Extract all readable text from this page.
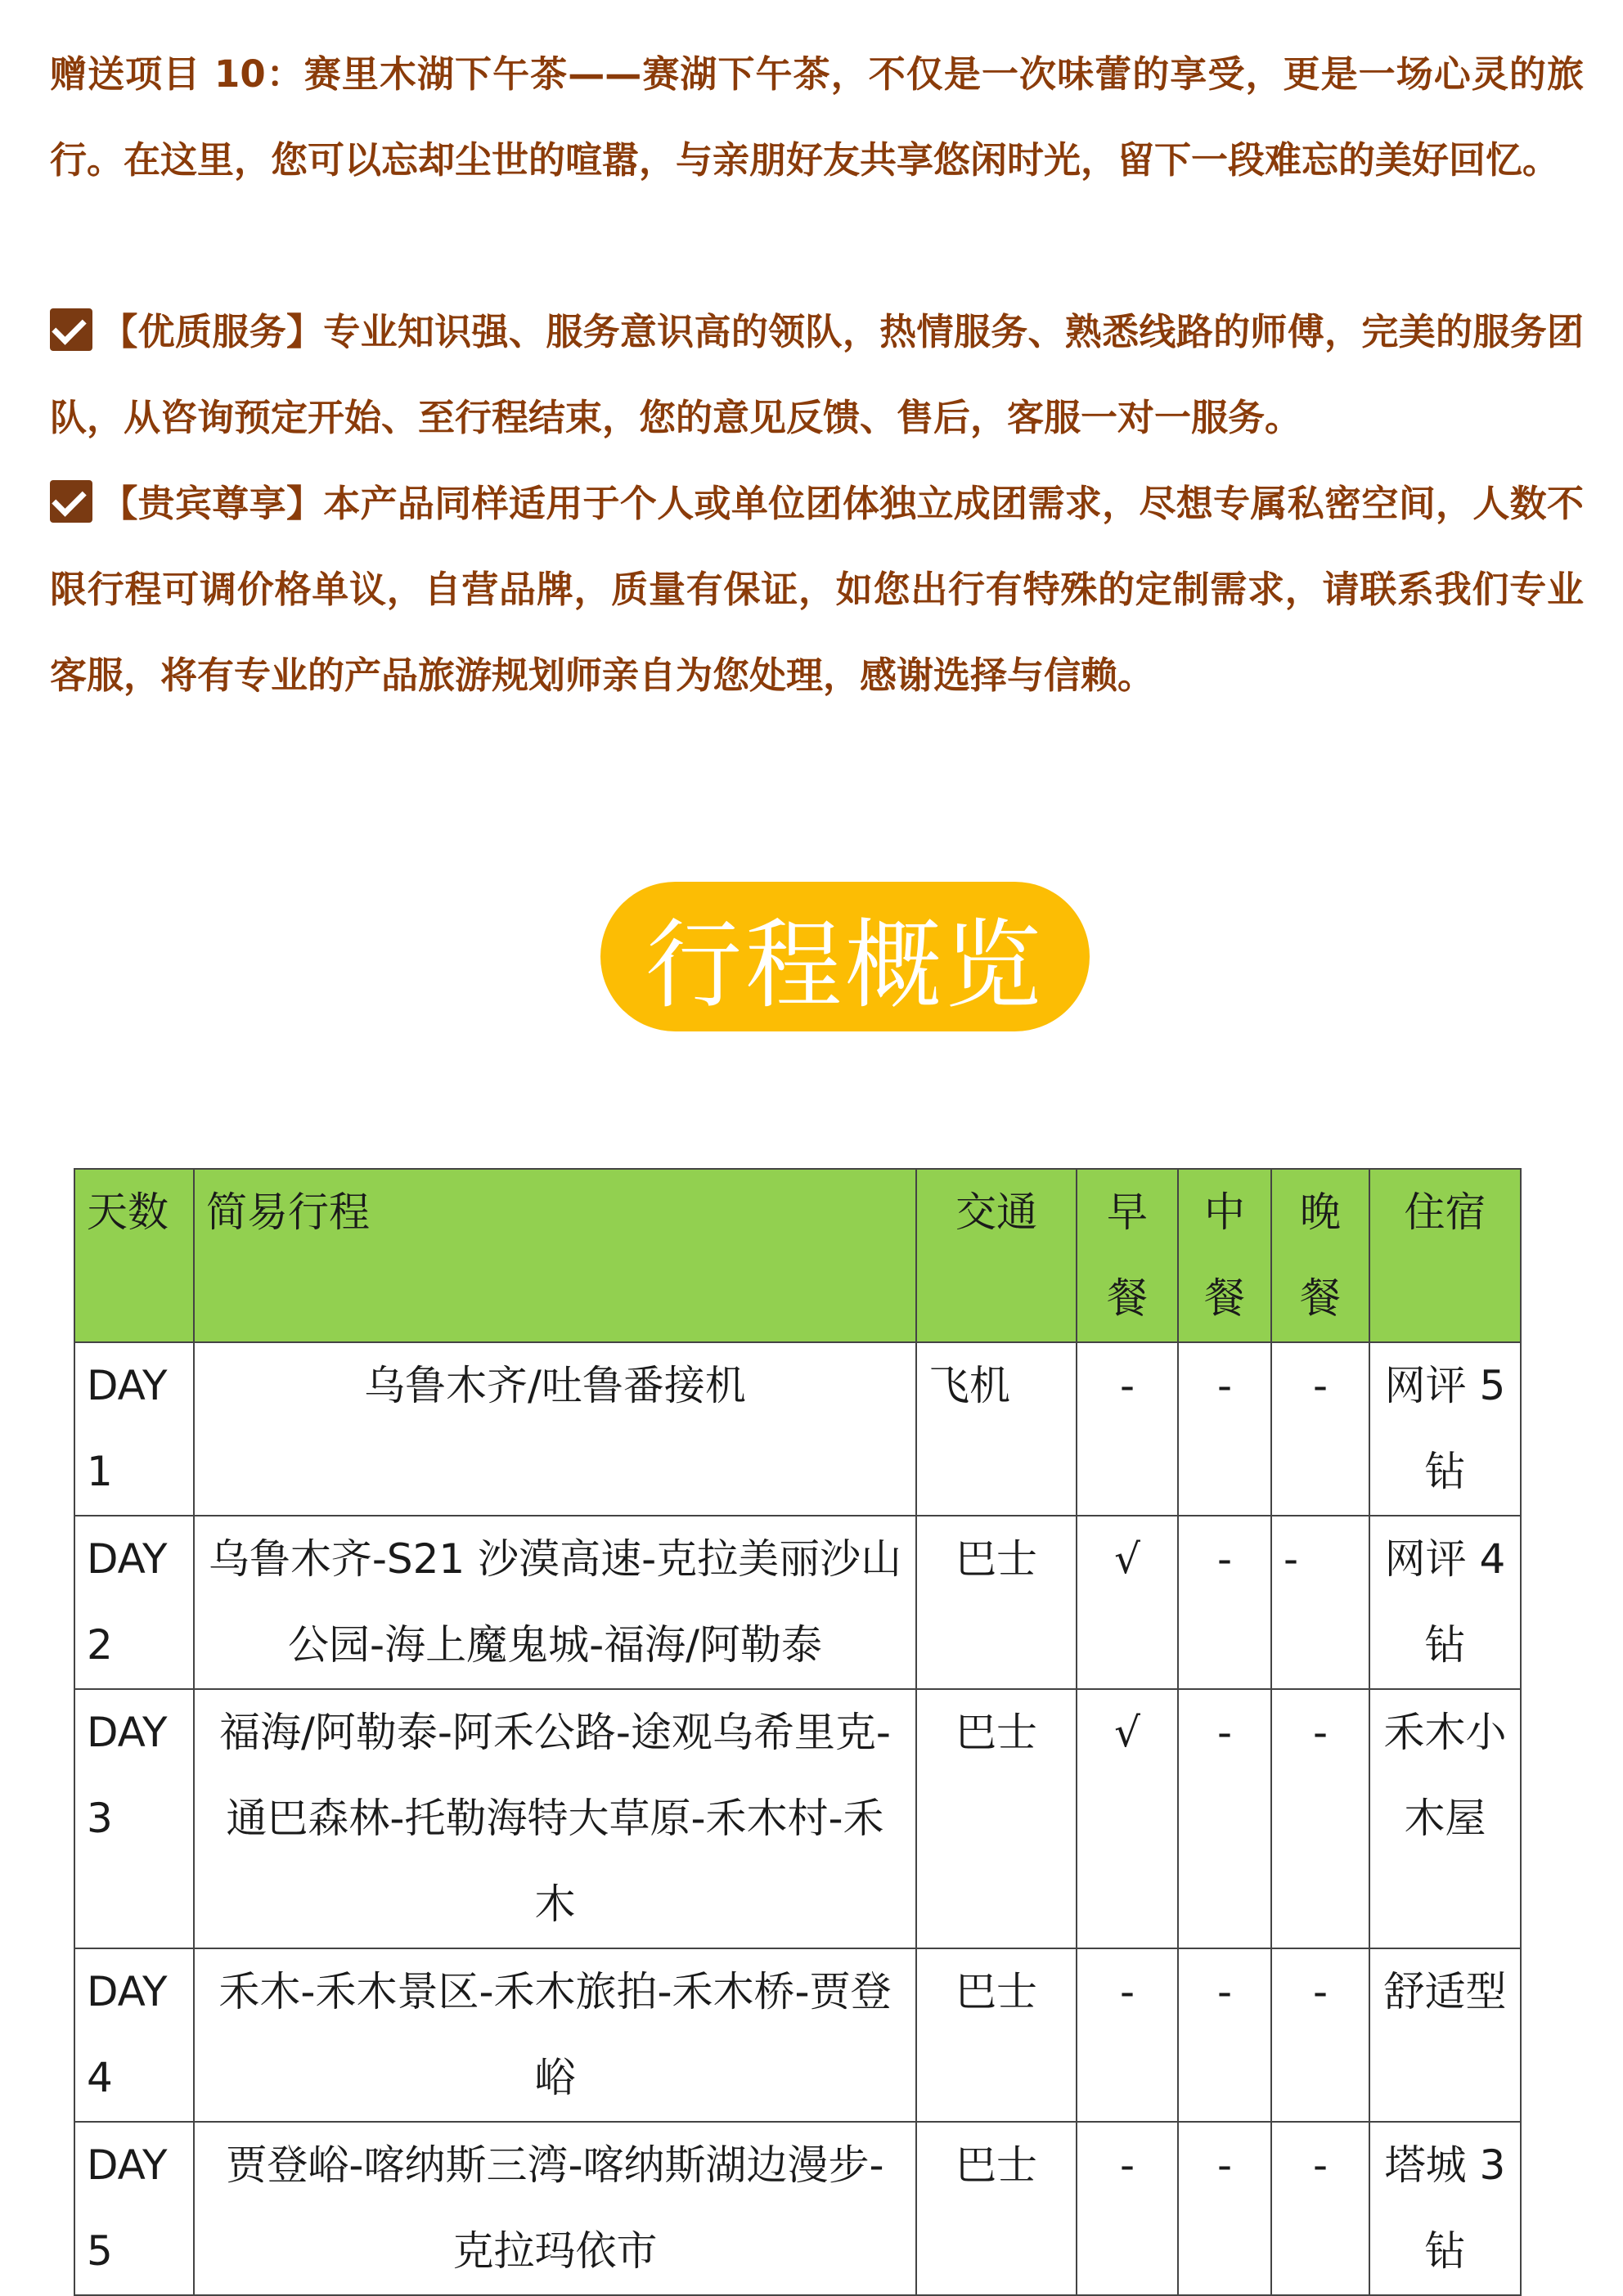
赠送项目 10：赛里木湖下午茶——赛湖下午茶，不仅是一次味蕾的享受，更是一场心灵的旅行。在这里，您可以忘却尘世的喧嚣，与亲朋好友共享悠闲时光，留下一段难忘的美好回忆。

【优质服务】专业知识强、服务意识高的领队，热情服务、熟悉线路的师傅，完美的服务团队，从咨询预定开始、至行程结束，您的意见反馈、售后，客服一对一服务。

【贵宾尊享】本产品同样适用于个人或单位团体独立成团需求，尽想专属私密空间，人数不限行程可调价格单议，自营品牌，质量有保证，如您出行有特殊的定制需求，请联系我们专业客服，将有专业的产品旅游规划师亲自为您处理，感谢选择与信赖。

行程概览
天数	简易行程	交通	早餐	中餐	晚餐	住宿
DAY1	乌鲁木齐/吐鲁番接机	飞机	-	-	-	网评 5 钻
DAY2	乌鲁木齐-S21 沙漠高速-克拉美丽沙山公园-海上魔鬼城-福海/阿勒泰	巴士	√	-	-	网评 4 钻
DAY3	福海/阿勒泰-阿禾公路-途观乌希里克-通巴森林-托勒海特大草原-禾木村-禾木	巴士	√	-	-	禾木小木屋
DAY4	禾木-禾木景区-禾木旅拍-禾木桥-贾登峪	巴士	-	-	-	舒适型
DAY5	贾登峪-喀纳斯三湾-喀纳斯湖边漫步-克拉玛依市	巴士	-	-	-	塔城 3 钻
